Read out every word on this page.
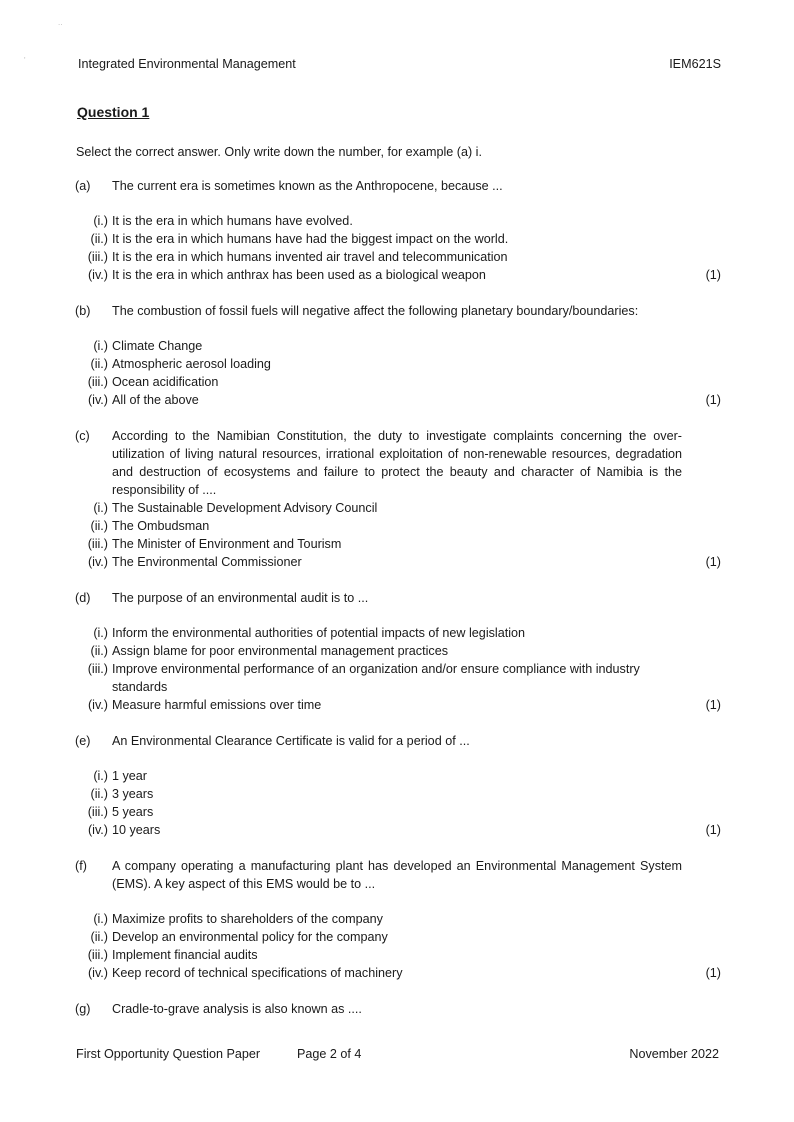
..
'	Integrated Environmental Management	IEM621S
Question 1
Select the correct answer. Only write down the number, for example (a) i.
(a) The current era is sometimes known as the Anthropocene, because ...
(i.) It is the era in which humans have evolved.
(ii.) It is the era in which humans have had the biggest impact on the world.
(iii.) It is the era in which humans invented air travel and telecommunication
(iv.) It is the era in which anthrax has been used as a biological weapon	(1)
(b) The combustion of fossil fuels will negative affect the following planetary boundary/boundaries:
(i.) Climate Change
(ii.) Atmospheric aerosol loading
(iii.) Ocean acidification
(iv.) All of the above	(1)
(c) According to the Namibian Constitution, the duty to investigate complaints concerning the over-utilization of living natural resources, irrational exploitation of non-renewable resources, degradation and destruction of ecosystems and failure to protect the beauty and character of Namibia is the responsibility of ....
(i.) The Sustainable Development Advisory Council
(ii.) The Ombudsman
(iii.) The Minister of Environment and Tourism
(iv.) The Environmental Commissioner	(1)
(d) The purpose of an environmental audit is to ...
(i.) Inform the environmental authorities of potential impacts of new legislation
(ii.) Assign blame for poor environmental management practices
(iii.) Improve environmental performance of an organization and/or ensure compliance with industry
standards
(iv.) Measure harmful emissions over time	(1)
(e) An Environmental Clearance Certificate is valid for a period of ...
(i.) 1 year
(ii.) 3 years
(iii.) 5 years
(iv.) 10 years	(1)
(f) A company operating a manufacturing plant has developed an Environmental Management System (EMS). A key aspect of this EMS would be to ...
(i.) Maximize profits to shareholders of the company
(ii.) Develop an environmental policy for the company
(iii.) Implement financial audits
(iv.) Keep record of technical specifications of machinery	(1)
(g) Cradle-to-grave analysis is also known as ....
First Opportunity Question Paper	Page 2 of 4	November 2022
